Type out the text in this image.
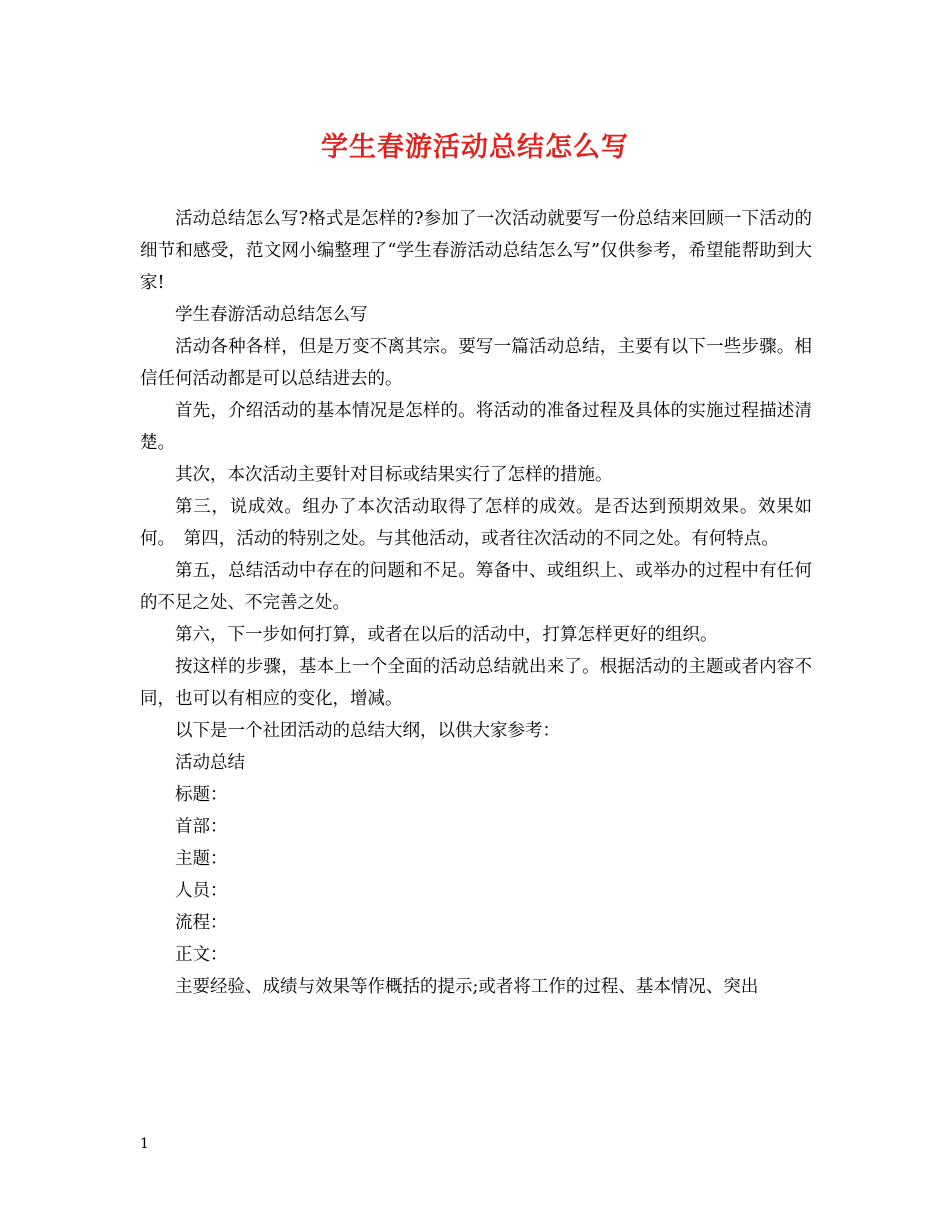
学生春游活动总结怎么写

活动总结怎么写?格式是怎样的?参加了一次活动就要写一份总结来回顾一下活动的细节和感受，范文网小编整理了“学生春游活动总结怎么写”仅供参考，希望能帮助到大家!

学生春游活动总结怎么写

活动各种各样，但是万变不离其宗。要写一篇活动总结，主要有以下一些步骤。相信任何活动都是可以总结进去的。

首先，介绍活动的基本情况是怎样的。将活动的准备过程及具体的实施过程描述清楚。

其次，本次活动主要针对目标或结果实行了怎样的措施。

第三，说成效。组办了本次活动取得了怎样的成效。是否达到预期效果。效果如何。　第四，活动的特别之处。与其他活动，或者往次活动的不同之处。有何特点。

第五，总结活动中存在的问题和不足。筹备中、或组织上、或举办的过程中有任何的不足之处、不完善之处。

第六，下一步如何打算，或者在以后的活动中，打算怎样更好的组织。

按这样的步骤，基本上一个全面的活动总结就出来了。根据活动的主题或者内容不同，也可以有相应的变化，增减。

以下是一个社团活动的总结大纲，以供大家参考：

活动总结

标题：

首部：

主题：

人员：

流程：

正文：

主要经验、成绩与效果等作概括的提示;或者将工作的过程、基本情况、突出

1
